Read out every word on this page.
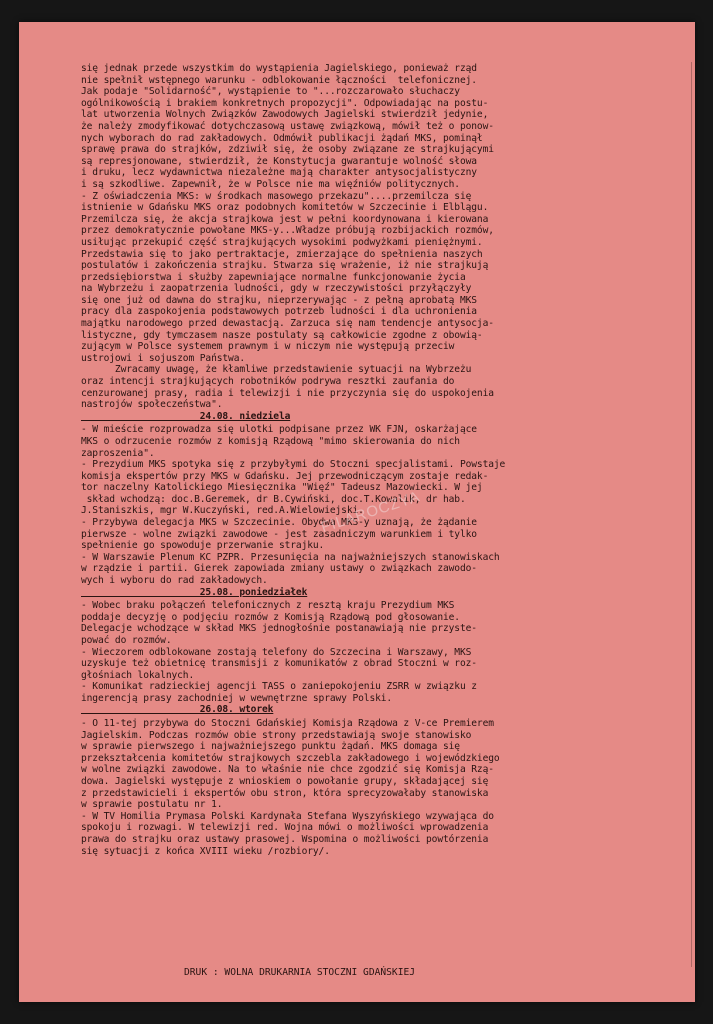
się jednak przede wszystkim do wystąpienia Jagielskiego, ponieważ rząd
nie spełnił wstępnego warunku - odblokowanie łączności  telefonicznej.
Jak podaje "Solidarność", wystąpienie to "...rozczarowało słuchaczy
ogólnikowością i brakiem konkretnych propozycji". Odpowiadając na postu-
lat utworzenia Wolnych Związków Zawodowych Jagielski stwierdził jedynie,
że należy zmodyfikować dotychczasową ustawę związkową, mówił też o ponow-
nych wyborach do rad zakładowych. Odmówił publikacji żądań MKS, pominął
sprawę prawa do strajków, zdziwił się, że osoby związane ze strajkującymi
są represjonowane, stwierdził, że Konstytucja gwarantuje wolność słowa
i druku, lecz wydawnictwa niezależne mają charakter antysocjalistyczny
i są szkodliwe. Zapewnił, że w Polsce nie ma więźniów politycznych.
- Z oświadczenia MKS: w środkach masowego przekazu"....przemilcza się
istnienie w Gdańsku MKS oraz podobnych komitetów w Szczecinie i Elblągu.
Przemilcza się, że akcja strajkowa jest w pełni koordynowana i kierowana
przez demokratycznie powołane MKS-y...Władze próbują rozbijackich rozmów,
usiłując przekupić część strajkujących wysokimi podwyżkami pieniężnymi.
Przedstawia się to jako pertraktacje, zmierzające do spełnienia naszych
postulatów i zakończenia strajku. Stwarza się wrażenie, iż nie strajkują
przedsiębiorstwa i służby zapewniające normalne funkcjonowanie życia
na Wybrzeżu i zaopatrzenia ludności, gdy w rzeczywistości przyłączyły
się one już od dawna do strajku, nieprzerywając - z pełną aprobatą MKS
pracy dla zaspokojenia podstawowych potrzeb ludności i dla uchronienia
majątku narodowego przed dewastacją. Zarzuca się nam tendencje antysocja-
listyczne, gdy tymczasem nasze postulaty są całkowicie zgodne z obowią-
zującym w Polsce systemem prawnym i w niczym nie występują przeciw
ustrojowi i sojuszom Państwa.
Zwracamy uwagę, że kłamliwe przedstawienie sytuacji na Wybrzeżu
oraz intencji strajkujących robotników podrywa resztki zaufania do
cenzurowanej prasy, radia i telewizji i nie przyczynia się do uspokojenia
nastrojów społeczeństwa".
24.08. niedziela
- W mieście rozprowadza się ulotki podpisane przez WK FJN, oskarżające
MKS o odrzucenie rozmów z komisją Rządową "mimo skierowania do nich
zaproszenia".
- Prezydium MKS spotyka się z przybyłymi do Stoczni specjalistami. Powstaje
komisja ekspertów przy MKS w Gdańsku. Jej przewodniczącym zostaje redak-
tor naczelny Katolickiego Miesięcznika "Więź" Tadeusz Mazowiecki. W jej
skład wchodzą: doc.B.Geremek, dr B.Cywiński, doc.T.Kowalik, dr hab.
J.Staniszkis, mgr W.Kuczyński, red.A.Wielowiejski.
- Przybywa delegacja MKS w Szczecinie. Obydwa MKS-y uznają, że żądanie
pierwsze - wolne związki zawodowe - jest zasadniczym warunkiem i tylko
spełnienie go spowoduje przerwanie strajku.
- W Warszawie Plenum KC PZPR. Przesunięcia na najważniejszych stanowiskach
w rządzie i partii. Gierek zapowiada zmiany ustawy o związkach zawodo-
wych i wyboru do rad zakładowych.
25.08. poniedziałek
- Wobec braku połączeń telefonicznych z resztą kraju Prezydium MKS
poddaje decyzję o podjęciu rozmów z Komisją Rządową pod głosowanie.
Delegacje wchodzące w skład MKS jednogłośnie postanawiają nie przyste-
pować do rozmów.
- Wieczorem odblokowane zostają telefony do Szczecina i Warszawy, MKS
uzyskuje też obietnicę transmisji z komunikatów z obrad Stoczni w roz-
głośniach lokalnych.
- Komunikat radzieckiej agencji TASS o zaniepokojeniu ZSRR w związku z
ingerencją prasy zachodniej w wewnętrzne sprawy Polski.
26.08. wtorek
- O 11-tej przybywa do Stoczni Gdańskiej Komisja Rządowa z V-ce Premierem
Jagielskim. Podczas rozmów obie strony przedstawiają swoje stanowisko
w sprawie pierwszego i najważniejszego punktu żądań. MKS domaga się
przekształcenia komitetów strajkowych szczebla zakładowego i wojewódzkiego
w wolne związki zawodowe. Na to właśnie nie chce zgodzić się Komisja Rzą-
dowa. Jagielski występuje z wnioskiem o powołanie grupy, składającej się
z przedstawicieli i ekspertów obu stron, która sprecyzowałaby stanowiska
w sprawie postulatu nr 1.
- W TV Homilia Prymasa Polski Kardynała Stefana Wyszyńskiego wzywająca do
spokoju i rozwagi. W telewizji red. Wojna mówi o możliwości wprowadzenia
prawa do strajku oraz ustawy prasowej. Wspomina o możliwości powtórzenia
się sytuacji z końca XVIII wieku /rozbiory/.
FILAROCZYA
DRUK : WOLNA DRUKARNIA STOCZNI GDAŃSKIEJ
